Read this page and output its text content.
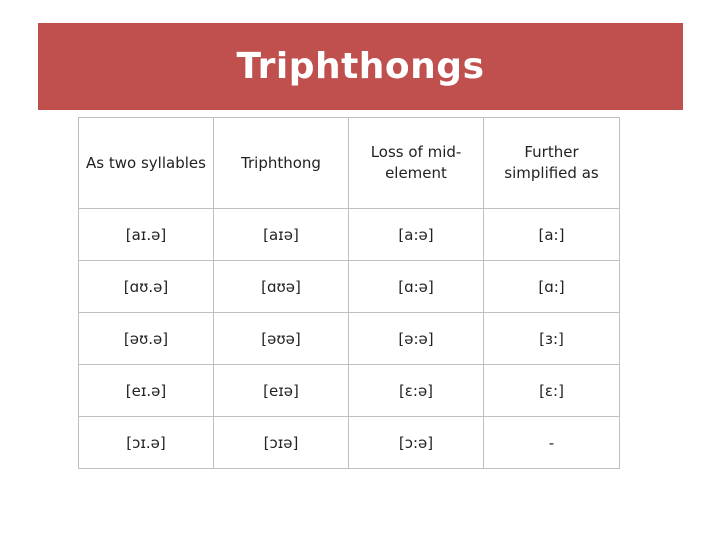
Triphthongs
As two syllables	Triphthong	Loss of mid-element	Further simplified as
[aɪ.ə]	[aɪə]	[a:ə]	[a:]
[ɑʊ.ə]	[ɑʊə]	[ɑ:ə]	[ɑ:]
[əʊ.ə]	[əʊə]	[ə:ə]	[ɜ:]
[eɪ.ə]	[eɪə]	[ɛ:ə]	[ɛ:]
[ɔɪ.ə]	[ɔɪə]	[ɔ:ə]	-
